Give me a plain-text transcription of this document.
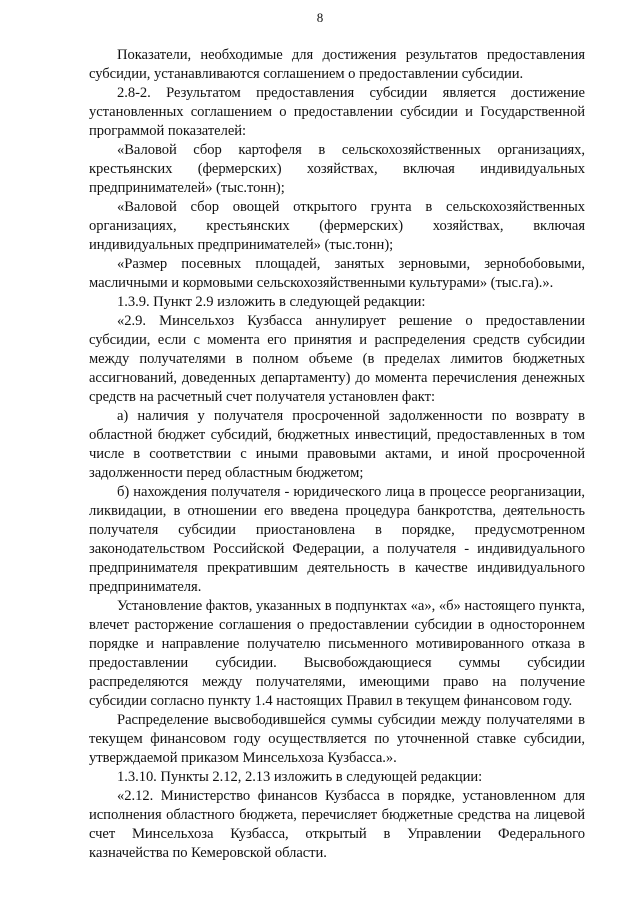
8

Показатели, необходимые для достижения результатов предоставления субсидии, устанавливаются соглашением о предоставлении субсидии.

2.8-2. Результатом предоставления субсидии является достижение установленных соглашением о предоставлении субсидии и Государственной программой показателей:

«Валовой сбор картофеля в сельскохозяйственных организациях, крестьянских (фермерских) хозяйствах, включая индивидуальных предпринимателей» (тыс.тонн);

«Валовой сбор овощей открытого грунта в сельскохозяйственных организациях, крестьянских (фермерских) хозяйствах, включая индивидуальных предпринимателей» (тыс.тонн);

«Размер посевных площадей, занятых зерновыми, зернобобовыми, масличными и кормовыми сельскохозяйственными культурами» (тыс.га).».

1.3.9. Пункт 2.9 изложить в следующей редакции:

«2.9. Минсельхоз Кузбасса аннулирует решение о предоставлении субсидии, если с момента его принятия и распределения средств субсидии между получателями в полном объеме (в пределах лимитов бюджетных ассигнований, доведенных департаменту) до момента перечисления денежных средств на расчетный счет получателя установлен факт:

а) наличия у получателя просроченной задолженности по возврату в областной бюджет субсидий, бюджетных инвестиций, предоставленных в том числе в соответствии с иными правовыми актами, и иной просроченной задолженности перед областным бюджетом;

б) нахождения получателя - юридического лица в процессе реорганизации, ликвидации, в отношении его введена процедура банкротства, деятельность получателя субсидии приостановлена в порядке, предусмотренном законодательством Российской Федерации, а получателя - индивидуального предпринимателя прекратившим деятельность в качестве индивидуального предпринимателя.

Установление фактов, указанных в подпунктах «а», «б» настоящего пункта, влечет расторжение соглашения о предоставлении субсидии в одностороннем порядке и направление получателю письменного мотивированного отказа в предоставлении субсидии. Высвобождающиеся суммы субсидии распределяются между получателями, имеющими право на получение субсидии согласно пункту 1.4 настоящих Правил в текущем финансовом году.

Распределение высвободившейся суммы субсидии между получателями в текущем финансовом году осуществляется по уточненной ставке субсидии, утверждаемой приказом Минсельхоза Кузбасса.».

1.3.10. Пункты 2.12, 2.13 изложить в следующей редакции:

«2.12. Министерство финансов Кузбасса в порядке, установленном для исполнения областного бюджета, перечисляет бюджетные средства на лицевой счет Минсельхоза Кузбасса, открытый в Управлении Федерального казначейства по Кемеровской области.
